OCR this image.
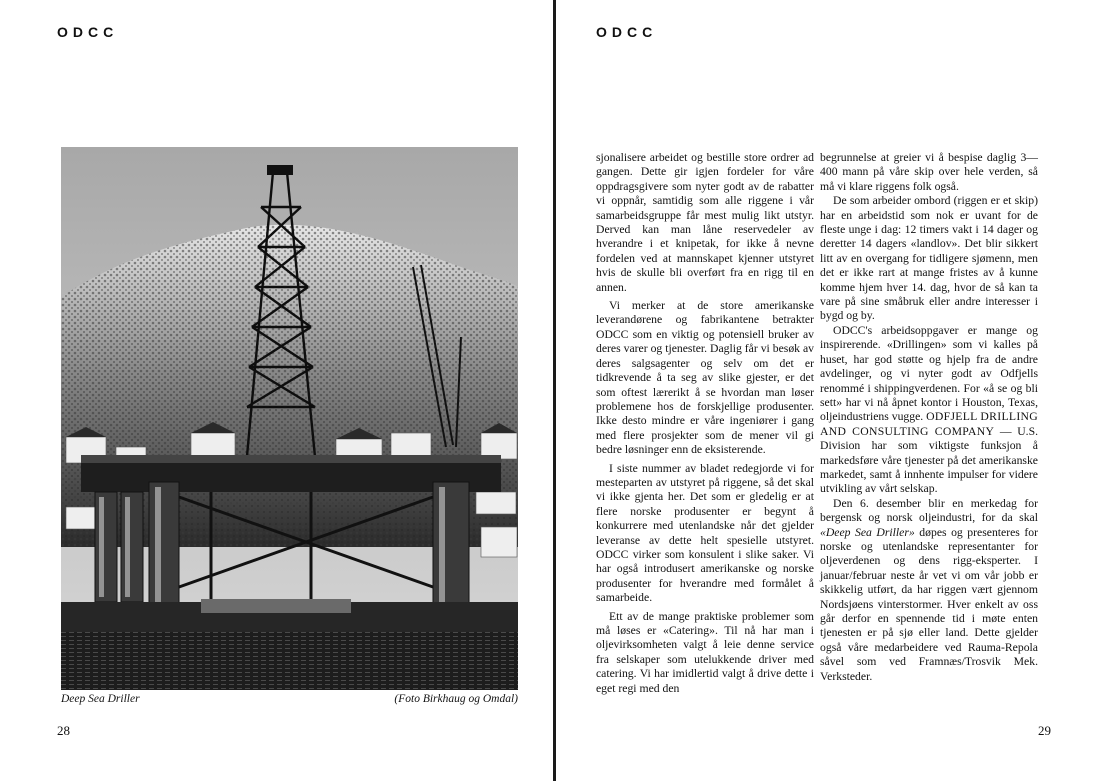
ODCC
Deep Sea Driller	(Foto Birkhaug og Omdal)
28
ODCC

sjonalisere arbeidet og bestille store ordrer ad gangen. Dette gir igjen fordeler for våre oppdragsgivere som nyter godt av de rabatter vi oppnår, samtidig som alle riggene i vår samarbeidsgruppe får mest mulig likt utstyr. Derved kan man låne reservedeler av hverandre i et knipetak, for ikke å nevne fordelen ved at mannskapet kjenner utstyret hvis de skulle bli overført fra en rigg til en annen.

Vi merker at de store amerikanske leverandørene og fabrikantene betrakter ODCC som en viktig og potensiell bruker av deres varer og tjenester. Daglig får vi besøk av deres salgsagenter og selv om det er tidkrevende å ta seg av slike gjester, er det som oftest lærerikt å se hvordan man løser problemene hos de forskjellige produsenter. Ikke desto mindre er våre ingeniører i gang med flere prosjekter som de mener vil gi bedre løsninger enn de eksisterende.

I siste nummer av bladet redegjorde vi for mesteparten av utstyret på riggene, så det skal vi ikke gjenta her. Det som er gledelig er at flere norske produsenter er begynt å konkurrere med utenlandske når det gjelder leveranse av dette helt spesielle utstyret. ODCC virker som konsulent i slike saker. Vi har også introdusert amerikanske og norske produsenter for hverandre med formålet å samarbeide.

Ett av de mange praktiske problemer som må løses er «Catering». Til nå har man i oljevirksomheten valgt å leie denne service fra selskaper som utelukkende driver med catering. Vi har imidlertid valgt å drive dette i eget regi med den

begrunnelse at greier vi å bespise daglig 3—400 mann på våre skip over hele verden, så må vi klare riggens folk også.

De som arbeider ombord (riggen er et skip) har en arbeidstid som nok er uvant for de fleste unge i dag: 12 timers vakt i 14 dager og deretter 14 dagers «landlov». Det blir sikkert litt av en overgang for tidligere sjømenn, men det er ikke rart at mange fristes av å kunne komme hjem hver 14. dag, hvor de så kan ta vare på sine småbruk eller andre interesser i bygd og by.

ODCC's arbeidsoppgaver er mange og inspirerende. «Drillingen» som vi kalles på huset, har god støtte og hjelp fra de andre avdelinger, og vi nyter godt av Odfjells renommé i shippingverdenen. For «å se og bli sett» har vi nå åpnet kontor i Houston, Texas, oljeindustriens vugge. ODFJELL DRILLING AND CONSULTING COMPANY — U.S. Division har som viktigste funksjon å markedsføre våre tjenester på det amerikanske markedet, samt å innhente impulser for videre utvikling av vårt selskap.

Den 6. desember blir en merkedag for bergensk og norsk oljeindustri, for da skal «Deep Sea Driller» døpes og presenteres for norske og utenlandske representanter for oljeverdenen og dens rigg-eksperter. I januar/februar neste år vet vi om vår jobb er skikkelig utført, da har riggen vært gjennom Nordsjøens vinterstormer. Hver enkelt av oss går derfor en spennende tid i møte enten tjenesten er på sjø eller land. Dette gjelder også våre medarbeidere ved Rauma-Repola såvel som ved Framnæs/Trosvik Mek. Verksteder.

29
